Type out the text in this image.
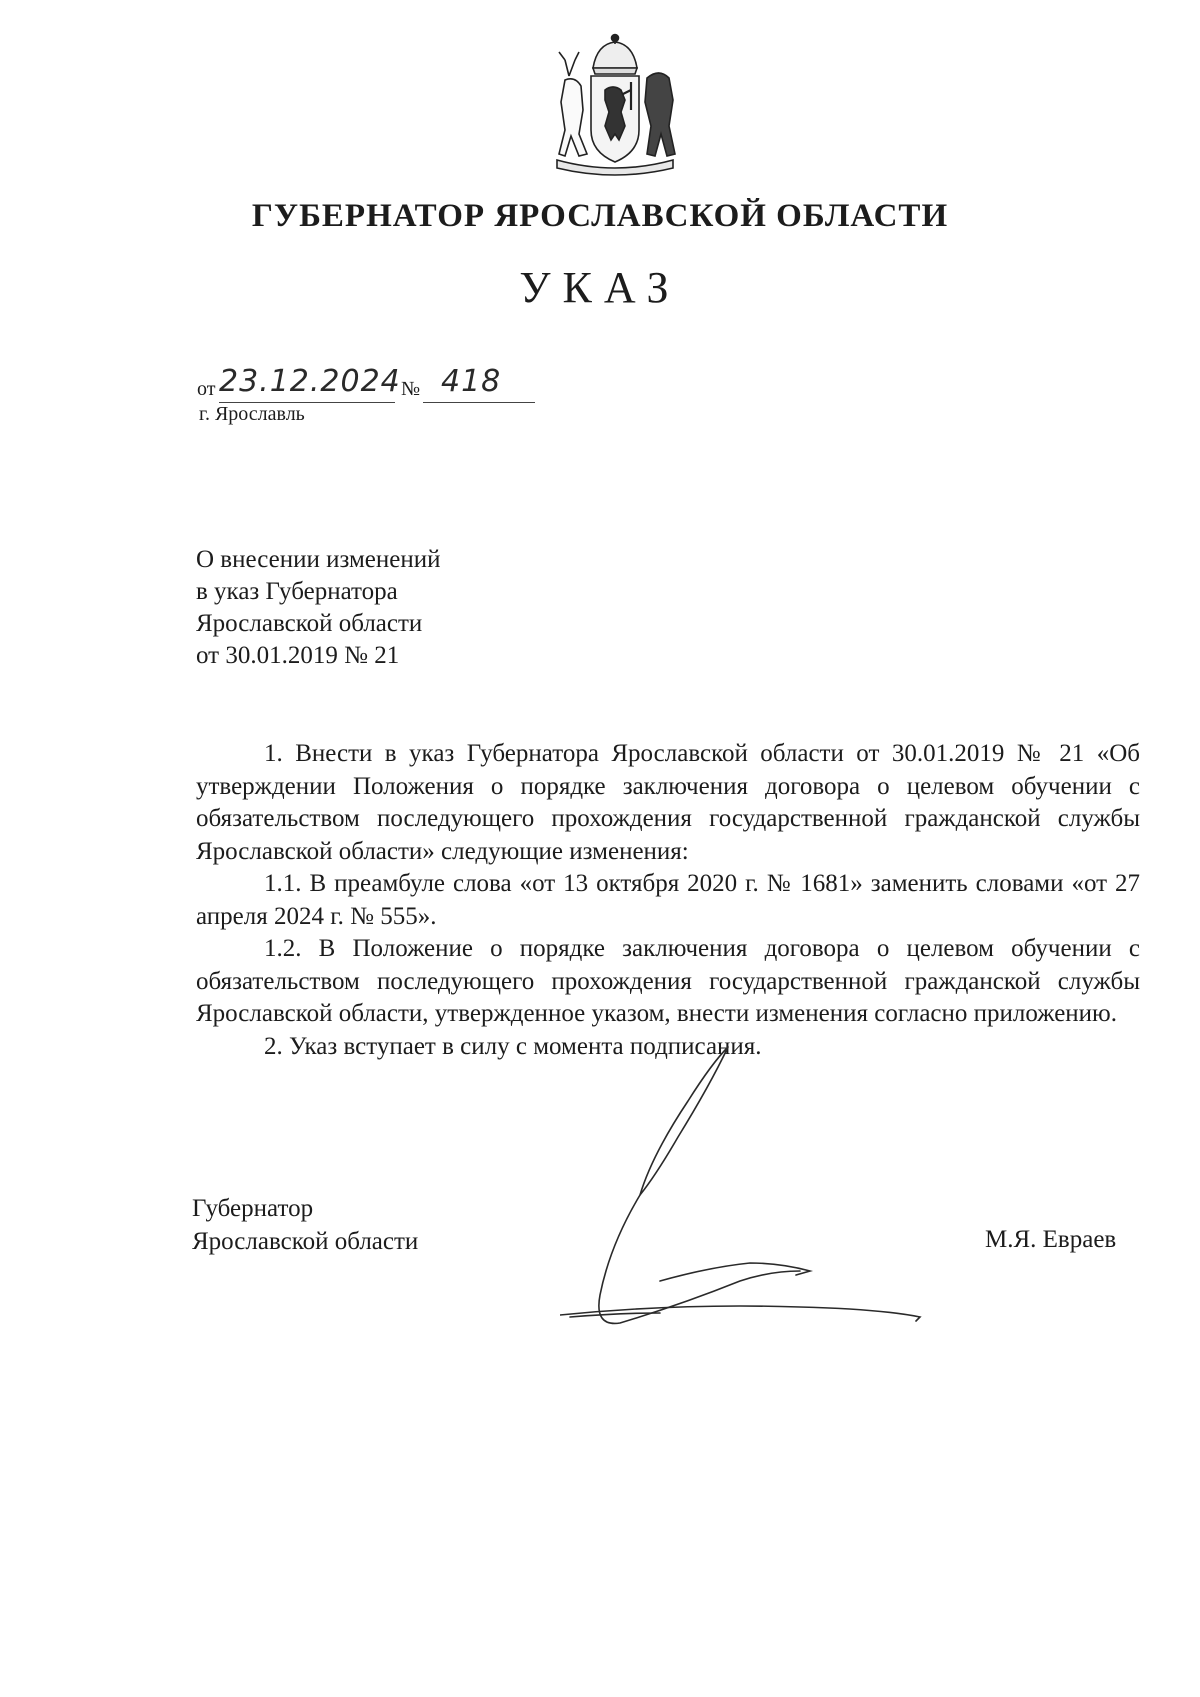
ГУБЕРНАТОР ЯРОСЛАВСКОЙ ОБЛАСТИ
УКАЗ
от 23.12.2024 № 418
г. Ярославль
О внесении изменений
в указ Губернатора
Ярославской области
от 30.01.2019 № 21

1. Внести в указ Губернатора Ярославской области от 30.01.2019 № 21 «Об утверждении Положения о порядке заключения договора о целевом обучении с обязательством последующего прохождения государственной гражданской службы Ярославской области» следующие изменения:

1.1. В преамбуле слова «от 13 октября 2020 г. № 1681» заменить словами «от 27 апреля 2024 г. № 555».

1.2. В Положение о порядке заключения договора о целевом обучении с обязательством последующего прохождения государственной гражданской службы Ярославской области, утвержденное указом, внести изменения согласно приложению.

2. Указ вступает в силу с момента подписания.

Губернатор
Ярославской области	М.Я. Евраев
